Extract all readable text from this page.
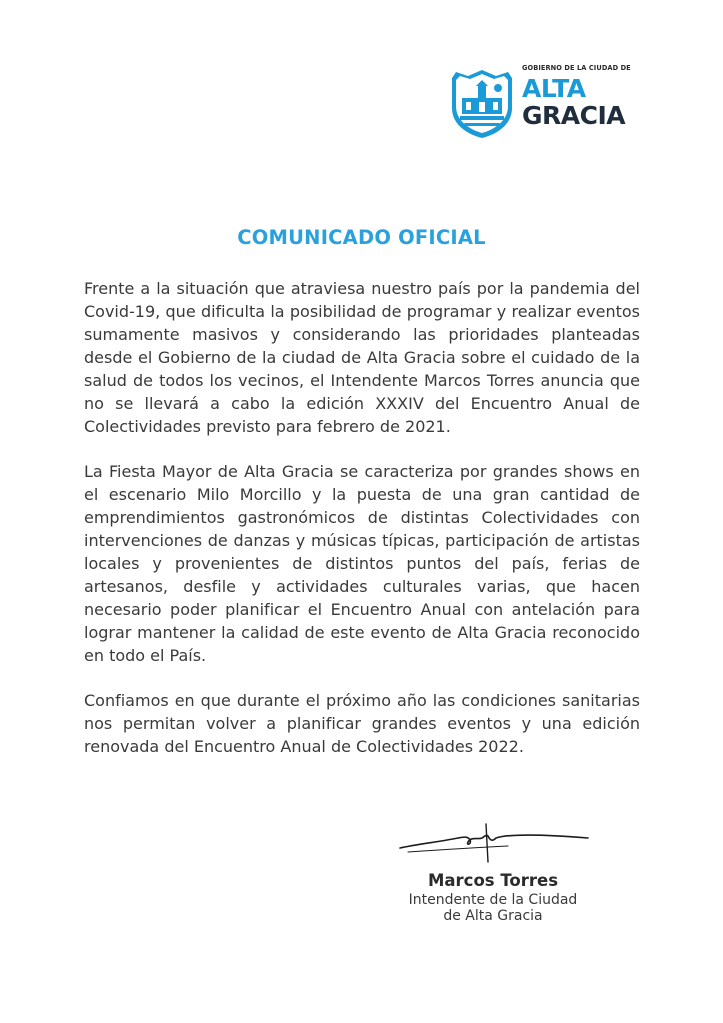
GOBIERNO DE LA CIUDAD DE
ALTA
GRACIA
COMUNICADO OFICIAL

Frente a la situación que atraviesa nuestro país por la pandemia del Covid-19, que dificulta la posibilidad de programar y realizar eventos sumamente masivos y considerando las prioridades planteadas desde el Gobierno de la ciudad de Alta Gracia sobre el cuidado de la salud de todos los vecinos, el Intendente Marcos Torres anuncia que no se llevará a cabo la edición XXXIV del Encuentro Anual de Colectividades previsto para febrero de 2021.

La Fiesta Mayor de Alta Gracia se caracteriza por grandes shows en el escenario Milo Morcillo y la puesta de una gran cantidad de emprendimientos gastronómicos de distintas Colectividades con intervenciones de danzas y músicas típicas, participación de artistas locales y provenientes de distintos puntos del país, ferias de artesanos, desfile y actividades culturales varias, que hacen necesario poder planificar el Encuentro Anual con antelación para lograr mantener la calidad de este evento de Alta Gracia reconocido en todo el País.

Confiamos en que durante el próximo año las condiciones sanitarias nos permitan volver a planificar grandes eventos y una edición renovada del Encuentro Anual de Colectividades 2022.

Marcos Torres
Intendente de la Ciudad
de Alta Gracia
